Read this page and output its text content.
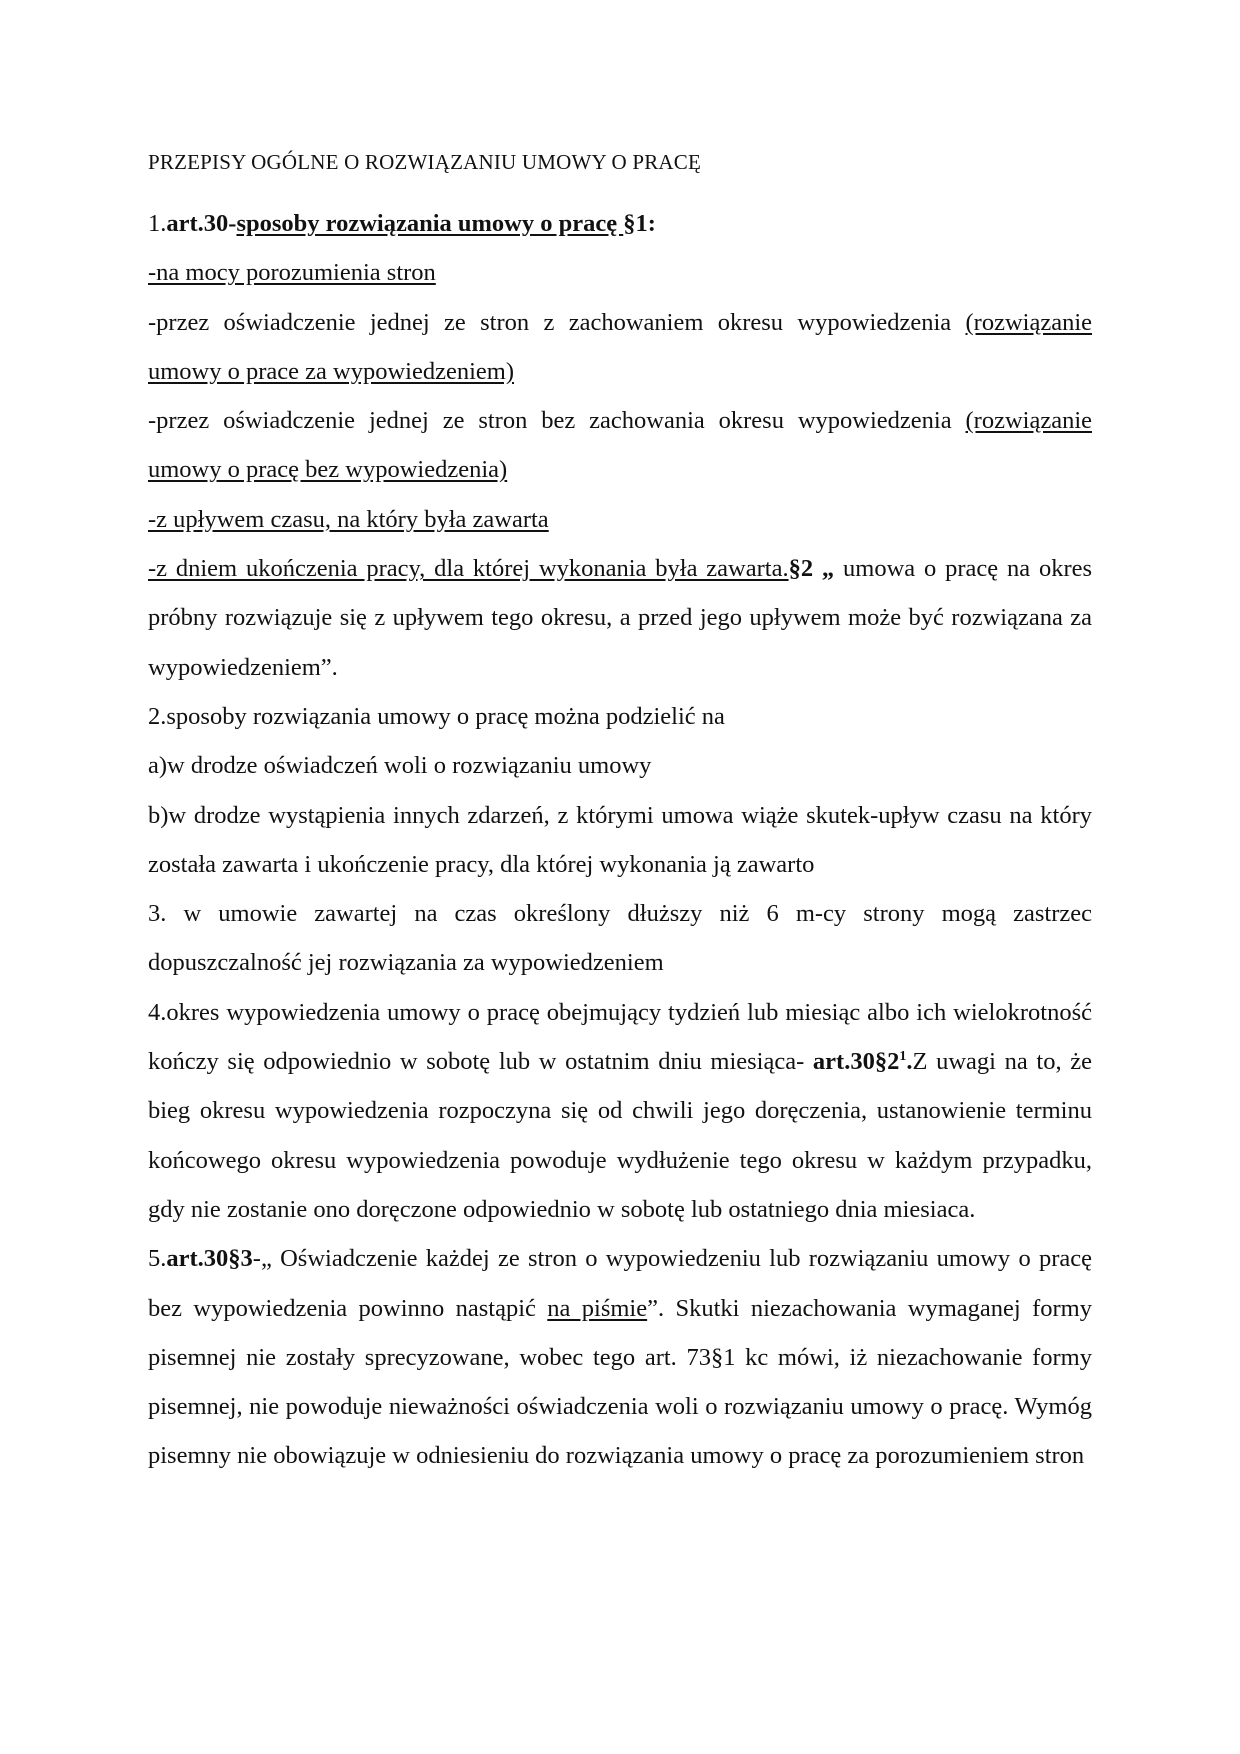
PRZEPISY OGÓLNE O ROZWIĄZANIU UMOWY O PRACĘ

1.art.30-sposoby rozwiązania umowy o pracę §1:

-na mocy porozumienia stron

-przez oświadczenie jednej ze stron z zachowaniem okresu wypowiedzenia (rozwiązanie umowy o prace za wypowiedzeniem)

-przez oświadczenie jednej ze stron bez zachowania okresu wypowiedzenia (rozwiązanie umowy o pracę bez wypowiedzenia)

-z upływem czasu, na który była zawarta

-z dniem ukończenia pracy, dla której wykonania była zawarta.§2 „ umowa o pracę na okres próbny rozwiązuje się z upływem tego okresu, a przed jego upływem może być rozwiązana za wypowiedzeniem”.

2.sposoby rozwiązania umowy o pracę można podzielić na

a)w drodze oświadczeń woli o rozwiązaniu umowy

b)w drodze wystąpienia innych zdarzeń, z którymi umowa wiąże skutek-upływ czasu na który została zawarta i ukończenie pracy, dla której wykonania ją zawarto

3. w umowie zawartej na czas określony dłuższy niż 6 m-cy strony mogą zastrzec dopuszczalność jej rozwiązania za wypowiedzeniem

4.okres wypowiedzenia umowy o pracę obejmujący tydzień lub miesiąc albo ich wielokrotność kończy się odpowiednio w sobotę lub w ostatnim dniu miesiąca- $art.30\S 2^1.Z$ uwagi na to, że bieg okresu wypowiedzenia rozpoczyna się od chwili jego doręczenia, ustanowienie terminu końcowego okresu wypowiedzenia powoduje wydłużenie tego okresu w każdym przypadku, gdy nie zostanie ono doręczone odpowiednio w sobotę lub ostatniego dnia miesiaca.

5.art.30§3-„ Oświadczenie każdej ze stron o wypowiedzeniu lub rozwiązaniu umowy o pracę bez wypowiedzenia powinno nastąpić na piśmie”. Skutki niezachowania wymaganej formy pisemnej nie zostały sprecyzowane, wobec tego art. 73§1 kc mówi, iż niezachowanie formy pisemnej, nie powoduje nieważności oświadczenia woli o rozwiązaniu umowy o pracę. Wymóg pisemny nie obowiązuje w odniesieniu do rozwiązania umowy o pracę za porozumieniem stron
